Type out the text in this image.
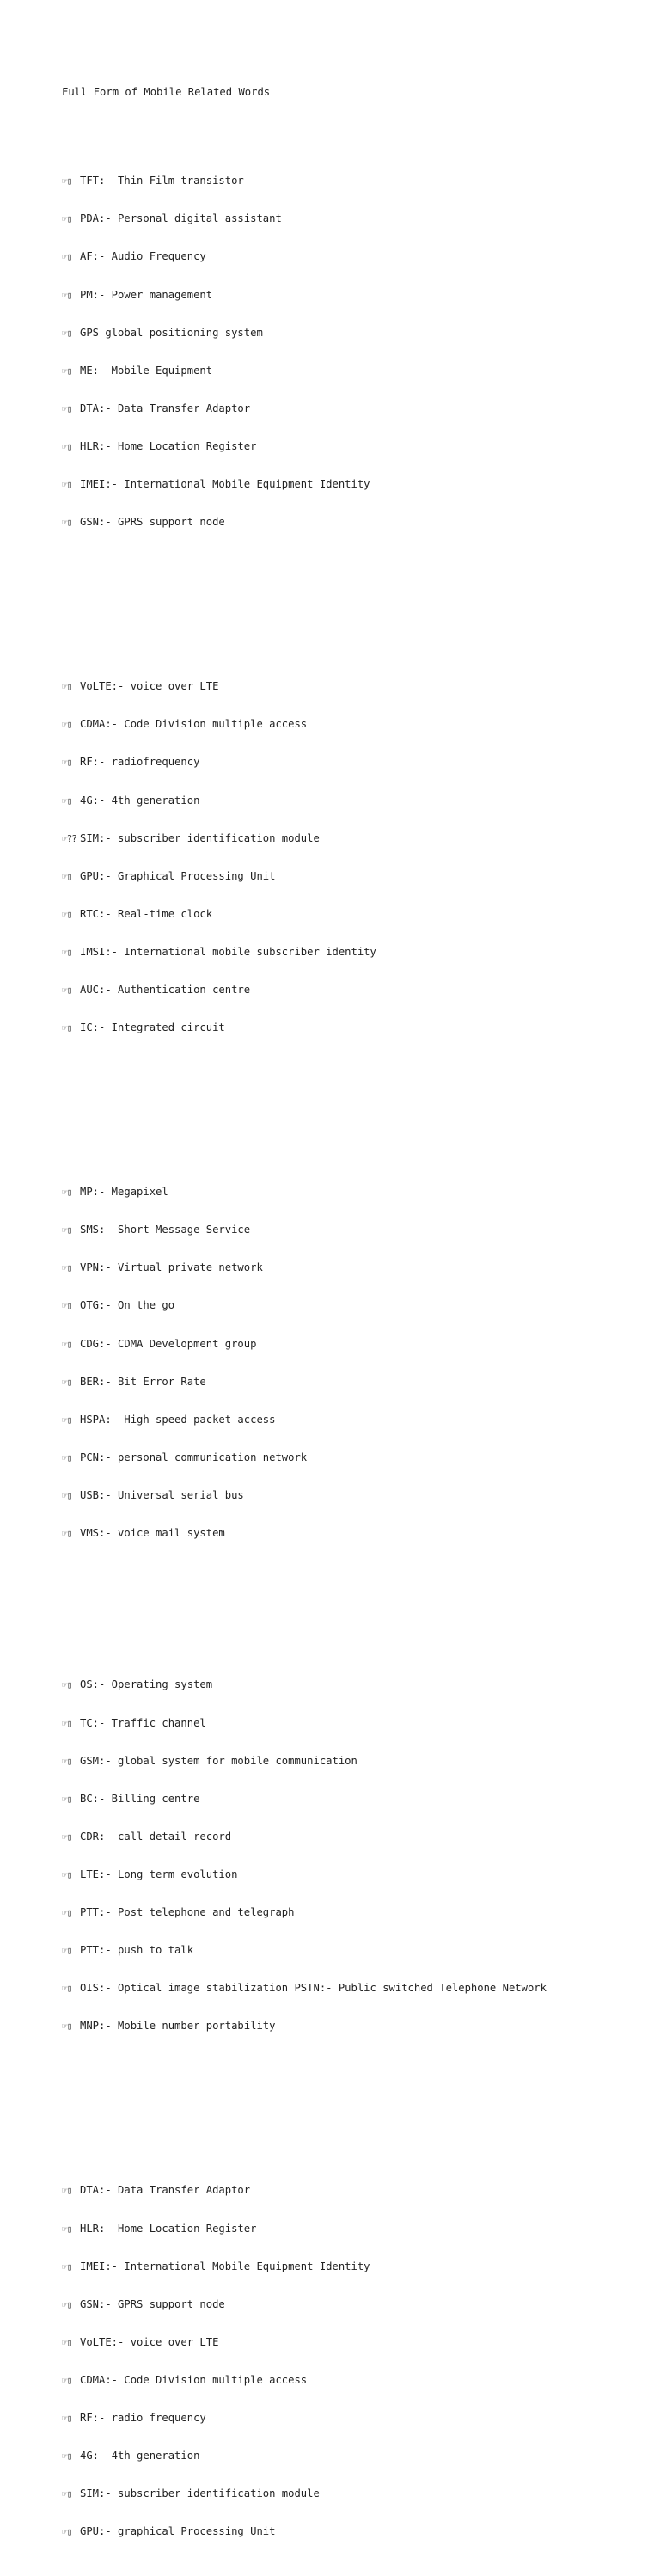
Full Form of Mobile Related Words

☞▯ TFT:- Thin Film transistor

☞▯ PDA:- Personal digital assistant

☞▯ AF:- Audio Frequency

☞▯ PM:- Power management

☞▯ GPS global positioning system

☞▯ ME:- Mobile Equipment

☞▯ DTA:- Data Transfer Adaptor

☞▯ HLR:- Home Location Register

☞▯ IMEI:- International Mobile Equipment Identity

☞▯ GSN:- GPRS support node

☞▯ VoLTE:- voice over LTE

☞▯ CDMA:- Code Division multiple access

☞▯ RF:- radiofrequency

☞▯ 4G:- 4th generation

☞?? SIM:- subscriber identification module

☞▯ GPU:- Graphical Processing Unit

☞▯ RTC:- Real-time clock

☞▯ IMSI:- International mobile subscriber identity

☞▯ AUC:- Authentication centre

☞▯ IC:- Integrated circuit

☞▯ MP:- Megapixel

☞▯ SMS:- Short Message Service

☞▯ VPN:- Virtual private network

☞▯ OTG:- On the go

☞▯ CDG:- CDMA Development group

☞▯ BER:- Bit Error Rate

☞▯ HSPA:- High-speed packet access

☞▯ PCN:- personal communication network

☞▯ USB:- Universal serial bus

☞▯ VMS:- voice mail system

☞▯ OS:- Operating system

☞▯ TC:- Traffic channel

☞▯ GSM:- global system for mobile communication

☞▯ BC:- Billing centre

☞▯ CDR:- call detail record

☞▯ LTE:- Long term evolution

☞▯ PTT:- Post telephone and telegraph

☞▯ PTT:- push to talk

☞▯ OIS:- Optical image stabilization PSTN:- Public switched Telephone Network

☞▯ MNP:- Mobile number portability

☞▯ DTA:- Data Transfer Adaptor

☞▯ HLR:- Home Location Register

☞▯ IMEI:- International Mobile Equipment Identity

☞▯ GSN:- GPRS support node

☞▯ VoLTE:- voice over LTE

☞▯ CDMA:- Code Division multiple access

☞▯ RF:- radio frequency

☞▯ 4G:- 4th generation

☞▯ SIM:- subscriber identification module

☞▯ GPU:- graphical Processing Unit
